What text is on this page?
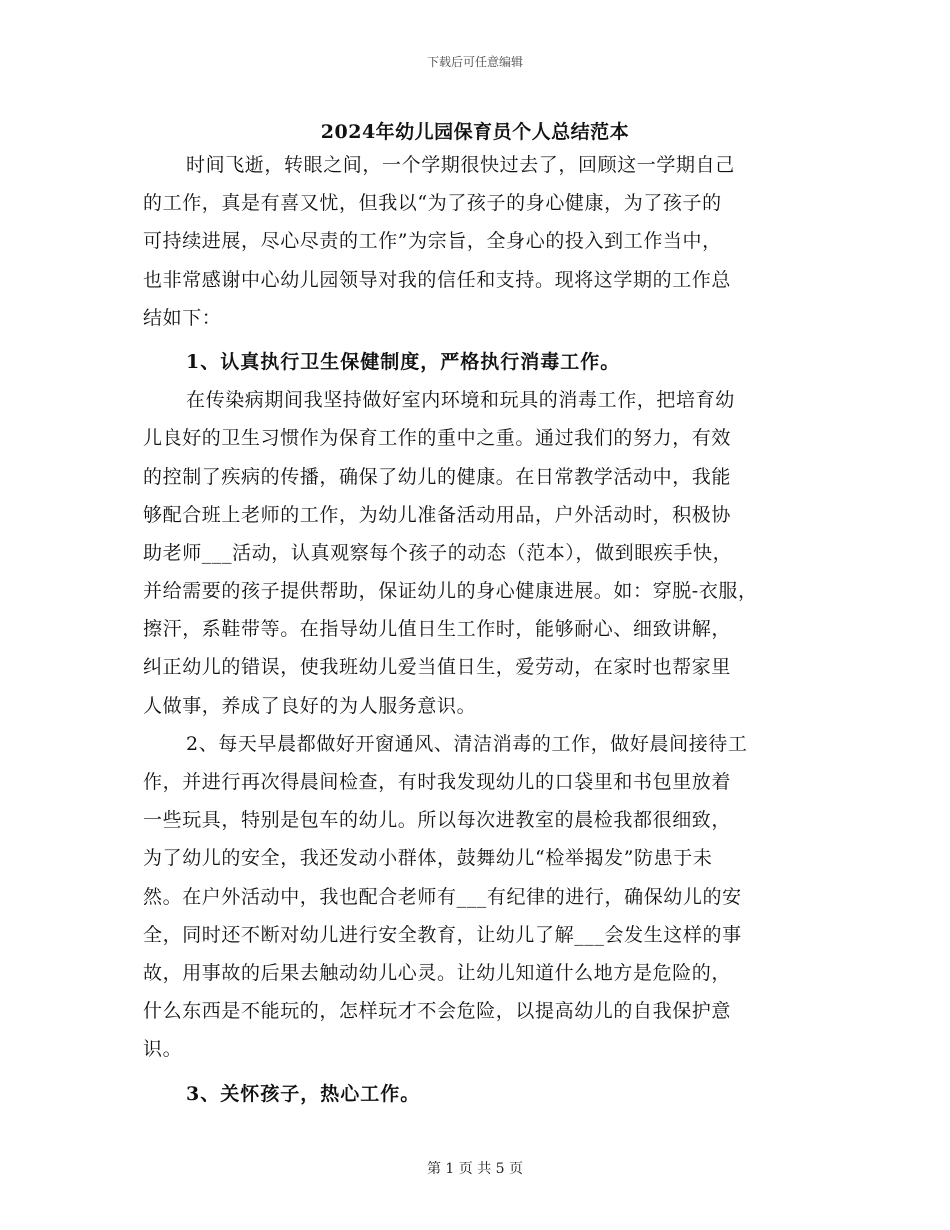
下载后可任意编辑
2024年幼儿园保育员个人总结范本
时间飞逝，转眼之间，一个学期很快过去了，回顾这一学期自己
的工作，真是有喜又忧，但我以“为了孩子的身心健康，为了孩子的
可持续进展，尽心尽责的工作”为宗旨，全身心的投入到工作当中，
也非常感谢中心幼儿园领导对我的信任和支持。现将这学期的工作总
结如下：
1、认真执行卫生保健制度，严格执行消毒工作。
在传染病期间我坚持做好室内环境和玩具的消毒工作，把培育幼
儿良好的卫生习惯作为保育工作的重中之重。通过我们的努力，有效
的控制了疾病的传播，确保了幼儿的健康。在日常教学活动中，我能
够配合班上老师的工作，为幼儿准备活动用品，户外活动时，积极协
助老师___活动，认真观察每个孩子的动态（范本），做到眼疾手快，
并给需要的孩子提供帮助，保证幼儿的身心健康进展。如：穿脱-衣服，
擦汗，系鞋带等。在指导幼儿值日生工作时，能够耐心、细致讲解，
纠正幼儿的错误，使我班幼儿爱当值日生，爱劳动，在家时也帮家里
人做事，养成了良好的为人服务意识。
2、每天早晨都做好开窗通风、清洁消毒的工作，做好晨间接待工
作，并进行再次得晨间检查，有时我发现幼儿的口袋里和书包里放着
一些玩具，特别是包车的幼儿。所以每次进教室的晨检我都很细致，
为了幼儿的安全，我还发动小群体，鼓舞幼儿“检举揭发”防患于未
然。在户外活动中，我也配合老师有___有纪律的进行，确保幼儿的安
全，同时还不断对幼儿进行安全教育，让幼儿了解___会发生这样的事
故，用事故的后果去触动幼儿心灵。让幼儿知道什么地方是危险的，
什么东西是不能玩的，怎样玩才不会危险，以提高幼儿的自我保护意
识。
3、关怀孩子，热心工作。
第 1 页 共 5 页
